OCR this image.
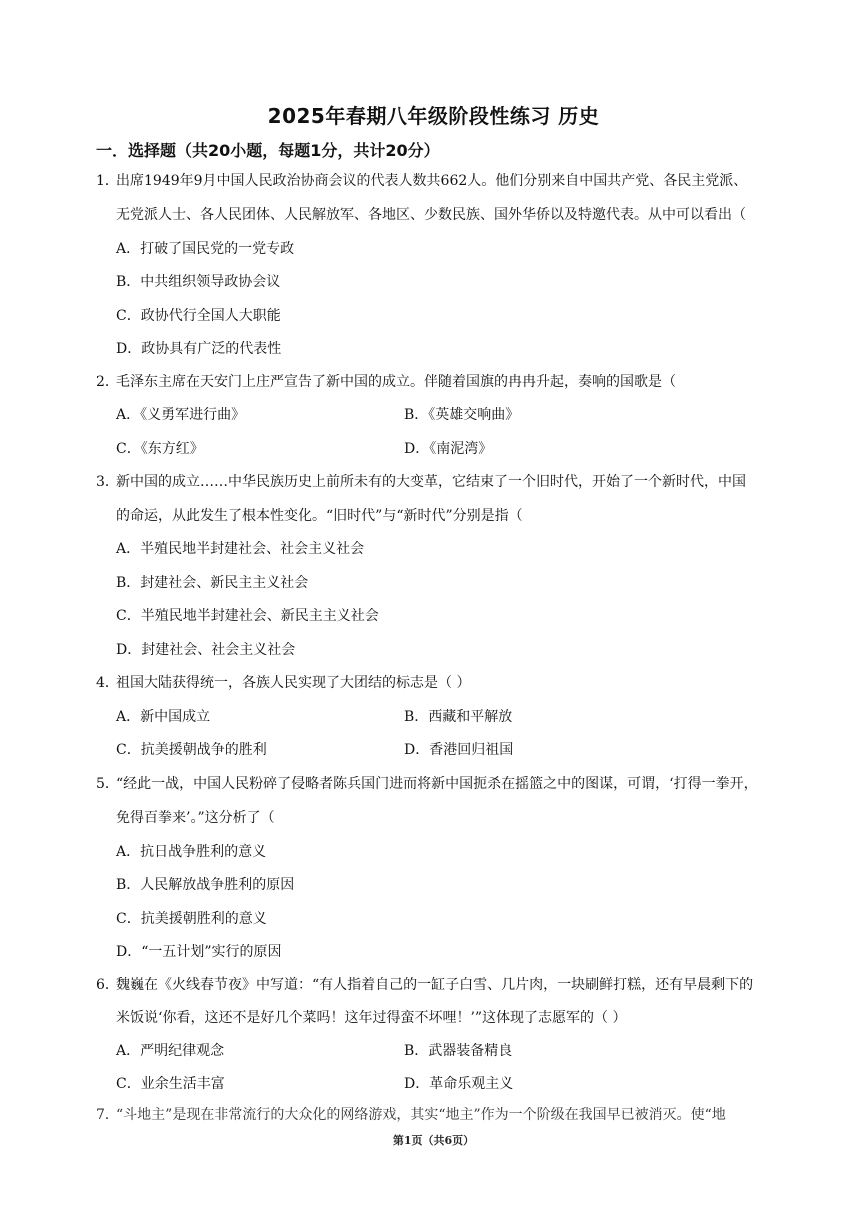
2025年春期八年级阶段性练习 历史
一．选择题（共20小题，每题1分，共计20分）
1．出席1949年9月中国人民政治协商会议的代表人数共662人。他们分别来自中国共产党、各民主党派、
无党派人士、各人民团体、人民解放军、各地区、少数民族、国外华侨以及特邀代表。从中可以看出（
A．打破了国民党的一党专政
B．中共组织领导政协会议
C．政协代行全国人大职能
D．政协具有广泛的代表性
2．毛泽东主席在天安门上庄严宣告了新中国的成立。伴随着国旗的冉冉升起，奏响的国歌是（
A．《义勇军进行曲》	B．《英雄交响曲》
C．《东方红》	D．《南泥湾》
3．新中国的成立……中华民族历史上前所未有的大变革，它结束了一个旧时代，开始了一个新时代，中国
的命运，从此发生了根本性变化。“旧时代”与“新时代”分别是指（
A．半殖民地半封建社会、社会主义社会
B．封建社会、新民主主义社会
C．半殖民地半封建社会、新民主主义社会
D．封建社会、社会主义社会
4．祖国大陆获得统一，各族人民实现了大团结的标志是（ ）
A．新中国成立	B．西藏和平解放
C．抗美援朝战争的胜利	D．香港回归祖国
5．“经此一战，中国人民粉碎了侵略者陈兵国门进而将新中国扼杀在摇篮之中的图谋，可谓，‘打得一拳开，
免得百拳来’。”这分析了（
A．抗日战争胜利的意义
B．人民解放战争胜利的原因
C．抗美援朝胜利的意义
D．“一五计划”实行的原因
6．魏巍在《火线春节夜》中写道：“有人指着自己的一缸子白雪、几片肉，一块刷鲜打糕，还有早晨剩下的
米饭说‘你看，这还不是好几个菜吗！这年过得蛮不坏哩！’”这体现了志愿军的（ ）
A．严明纪律观念	B．武器装备精良
C．业余生活丰富	D．革命乐观主义
7．“斗地主”是现在非常流行的大众化的网络游戏，其实“地主”作为一个阶级在我国早已被消灭。使“地
第1页（共6页）
